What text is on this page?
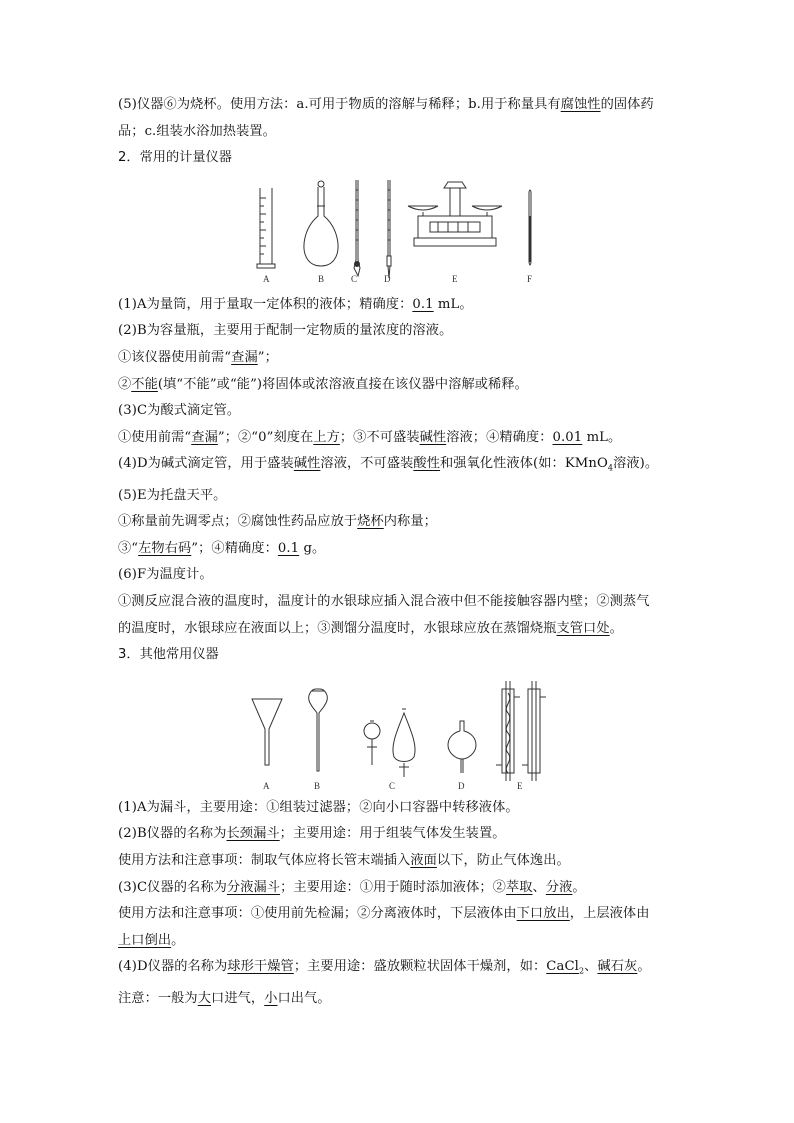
(5)仪器⑥为烧杯。使用方法：a.可用于物质的溶解与稀释；b.用于称量具有腐蚀性的固体药
品；c.组装水浴加热装置。
2．常用的计量仪器
A	B	C	D	E	F
(1)A为量筒，用于量取一定体积的液体；精确度：0.1 mL。
(2)B为容量瓶，主要用于配制一定物质的量浓度的溶液。
①该仪器使用前需“查漏”；
②不能(填“不能”或“能”)将固体或浓溶液直接在该仪器中溶解或稀释。
(3)C为酸式滴定管。
①使用前需“查漏”；②“0”刻度在上方；③不可盛装碱性溶液；④精确度：0.01 mL。
(4)D为碱式滴定管，用于盛装碱性溶液，不可盛装酸性和强氧化性液体(如：KMnO$_4$溶液)。
(5)E为托盘天平。
①称量前先调零点；②腐蚀性药品应放于烧杯内称量；
③“左物右码”；④精确度：0.1 g。
(6)F为温度计。
①测反应混合液的温度时，温度计的水银球应插入混合液中但不能接触容器内壁；②测蒸气
的温度时，水银球应在液面以上；③测馏分温度时，水银球应放在蒸馏烧瓶支管口处。
3．其他常用仪器
A	B	C	D	E
(1)A为漏斗，主要用途：①组装过滤器；②向小口容器中转移液体。
(2)B仪器的名称为长颈漏斗；主要用途：用于组装气体发生装置。
使用方法和注意事项：制取气体应将长管末端插入液面以下，防止气体逸出。
(3)C仪器的名称为分液漏斗；主要用途：①用于随时添加液体；②萃取、分液。
使用方法和注意事项：①使用前先检漏；②分离液体时，下层液体由下口放出，上层液体由
上口倒出。
(4)D仪器的名称为球形干燥管；主要用途：盛放颗粒状固体干燥剂，如：CaCl$_2$、碱石灰。
注意：一般为大口进气，小口出气。
